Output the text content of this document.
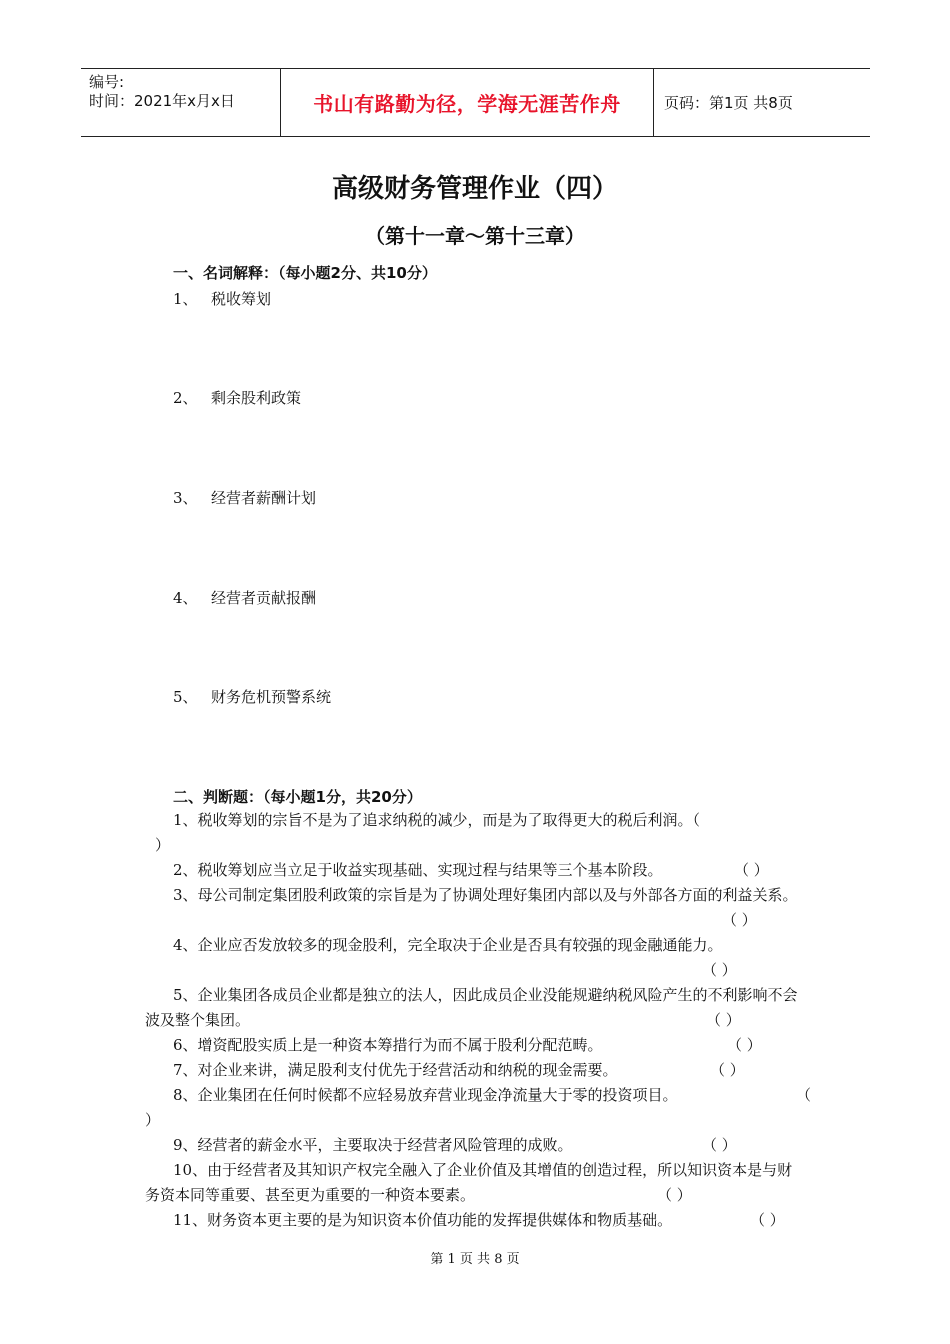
编号:
时间：2021年x月x日	书山有路勤为径，学海无涯苦作舟	页码：第1页 共8页
高级财务管理作业（四）
（第十一章～第十三章）
一、名词解释：（每小题2分、共10分）
1、 税收筹划
2、 剩余股利政策
3、 经营者薪酬计划
4、 经营者贡献报酬
5、 财务危机预警系统
二、判断题：（每小题1分，共20分）
1、税收筹划的宗旨不是为了追求纳税的减少，而是为了取得更大的税后利润。（
）
2、税收筹划应当立足于收益实现基础、实现过程与结果等三个基本阶段。	（ ）
3、母公司制定集团股利政策的宗旨是为了协调处理好集团内部以及与外部各方面的利益关系。
（ ）
4、企业应否发放较多的现金股利，完全取决于企业是否具有较强的现金融通能力。
（ ）
5、企业集团各成员企业都是独立的法人，因此成员企业没能规避纳税风险产生的不利影响不会波及整个集团。	（ ）
6、增资配股实质上是一种资本筹措行为而不属于股利分配范畴。	（ ）
7、对企业来讲，满足股利支付优先于经营活动和纳税的现金需要。	（ ）
8、企业集团在任何时候都不应轻易放弃营业现金净流量大于零的投资项目。	（
）
9、经营者的薪金水平，主要取决于经营者风险管理的成败。	（ ）
10、由于经营者及其知识产权完全融入了企业价值及其增值的创造过程，所以知识资本是与财务资本同等重要、甚至更为重要的一种资本要素。	（ ）
11、财务资本更主要的是为知识资本价值功能的发挥提供媒体和物质基础。	（ ）
第 1 页 共 8 页
